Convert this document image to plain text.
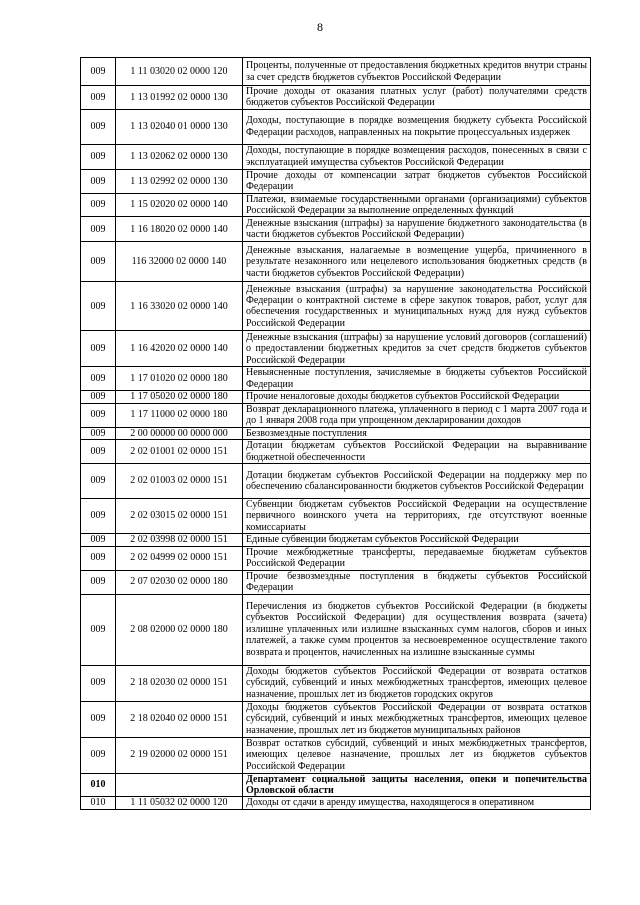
8
009	1 11 03020 02 0000 120	Проценты, полученные от предоставления бюджетных кредитов внутри страны за счет средств бюджетов субъектов Российской Федерации
009	1 13 01992 02 0000 130	Прочие доходы от оказания платных услуг (работ) получателями средств бюджетов субъектов Российской Федерации
009	1 13 02040 01 0000 130	Доходы, поступающие в порядке возмещения бюджету субъекта Российской Федерации расходов, направленных на покрытие процессуальных издержек
009	1 13 02062 02 0000 130	Доходы, поступающие в порядке возмещения расходов, понесенных в связи с эксплуатацией имущества субъектов Российской Федерации
009	1 13 02992 02 0000 130	Прочие доходы от компенсации затрат бюджетов субъектов Российской Федерации
009	1 15 02020 02 0000 140	Платежи, взимаемые государственными органами (организациями) субъектов Российской Федерации за выполнение определенных функций
009	1 16 18020 02 0000 140	Денежные взыскания (штрафы) за нарушение бюджетного законодательства (в части бюджетов субъектов Российской Федерации)
009	116 32000 02 0000 140	Денежные взыскания, налагаемые в возмещение ущерба, причиненного в результате незаконного или нецелевого использования бюджетных средств (в части бюджетов субъектов Российской Федерации)
009	1 16 33020 02 0000 140	Денежные взыскания (штрафы) за нарушение законодательства Российской Федерации о контрактной системе в сфере закупок товаров, работ, услуг для обеспечения государственных и муниципальных нужд для нужд субъектов Российской Федерации
009	1 16 42020 02 0000 140	Денежные взыскания (штрафы) за нарушение условий договоров (соглашений) о предоставлении бюджетных кредитов за счет средств бюджетов субъектов Российской Федерации
009	1 17 01020 02 0000 180	Невыясненные поступления, зачисляемые в бюджеты субъектов Российской Федерации
009	1 17 05020 02 0000 180	Прочие неналоговые доходы бюджетов субъектов Российской Федерации
009	1 17 11000 02 0000 180	Возврат декларационного платежа, уплаченного в период с 1 марта 2007 года и до 1 января 2008 года при упрощенном декларировании доходов
009	2 00 00000 00 0000 000	Безвозмездные поступления
009	2 02 01001 02 0000 151	Дотации бюджетам субъектов Российской Федерации на выравнивание бюджетной обеспеченности
009	2 02 01003 02 0000 151	Дотации бюджетам субъектов Российской Федерации на поддержку мер по обеспечению сбалансированности бюджетов субъектов Российской Федерации
009	2 02 03015 02 0000 151	Субвенции бюджетам субъектов Российской Федерации на осуществление первичного воинского учета на территориях, где отсутствуют военные комиссариаты
009	2 02 03998 02 0000 151	Единые субвенции бюджетам субъектов Российской Федерации
009	2 02 04999 02 0000 151	Прочие межбюджетные трансферты, передаваемые бюджетам субъектов Российской Федерации
009	2 07 02030 02 0000 180	Прочие безвозмездные поступления в бюджеты субъектов Российской Федерации
009	2 08 02000 02 0000 180	Перечисления из бюджетов субъектов Российской Федерации (в бюджеты субъектов Российской Федерации) для осуществления возврата (зачета) излишне уплаченных или излишне взысканных сумм налогов, сборов и иных платежей, а также сумм процентов за несвоевременное осуществление такого возврата и процентов, начисленных на излишне взысканные суммы
009	2 18 02030 02 0000 151	Доходы бюджетов субъектов Российской Федерации от возврата остатков субсидий, субвенций и иных межбюджетных трансфертов, имеющих целевое назначение, прошлых лет из бюджетов городских округов
009	2 18 02040 02 0000 151	Доходы бюджетов субъектов Российской Федерации от возврата остатков субсидий, субвенций и иных межбюджетных трансфертов, имеющих целевое назначение, прошлых лет из бюджетов муниципальных районов
009	2 19 02000 02 0000 151	Возврат остатков субсидий, субвенций и иных межбюджетных трансфертов, имеющих целевое назначение, прошлых лет из бюджетов субъектов Российской Федерации
010		Департамент социальной защиты населения, опеки и попечительства Орловской области
010	1 11 05032 02 0000 120	Доходы от сдачи в аренду имущества, находящегося в оперативном
